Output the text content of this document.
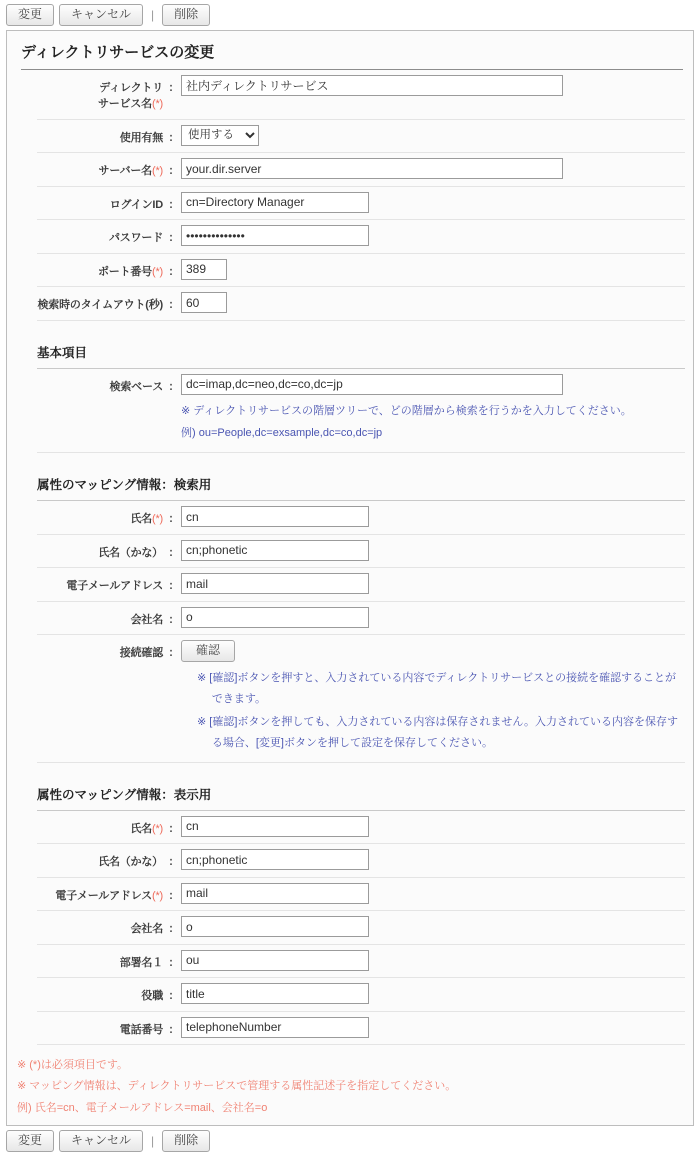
変更	キャンセル	|	削除
ディレクトリサービスの変更
ディレクトリ
サービス名(*)
:
社内ディレクトリサービス
使用有無 :
使用する
サーバー名(*) :
your.dir.server
ログインID :
cn=Directory Manager
パスワード :
••••••••••••••
ポート番号(*) :
389
検索時のタイムアウト(秒) :
60
基本項目
検索ベース :
dc=imap,dc=neo,dc=co,dc=jp

※ ディレクトリサービスの階層ツリーで、どの階層から検索を行うかを入力してください。

例) ou=People,dc=exsample,dc=co,dc=jp

属性のマッピング情報：検索用
氏名(*) :
cn
氏名（かな） :
cn;phonetic
電子メールアドレス :
mail
会社名 :
o
接続確認 :	確認

※ [確認]ボタンを押すと、入力されている内容でディレクトリサービスとの接続を確認することができます。

※ [確認]ボタンを押しても、入力されている内容は保存されません。入力されている内容を保存する場合、[変更]ボタンを押して設定を保存してください。

属性のマッピング情報：表示用
氏名(*) :
cn
氏名（かな） :
cn;phonetic
電子メールアドレス(*) :
mail
会社名 :
o
部署名１ :
ou
役職 :
title
電話番号 :
telephoneNumber

※ (*)は必須項目です。

※ マッピング情報は、ディレクトリサービスで管理する属性記述子を指定してください。

例) 氏名=cn、電子メールアドレス=mail、会社名=o

変更	キャンセル	|	削除
